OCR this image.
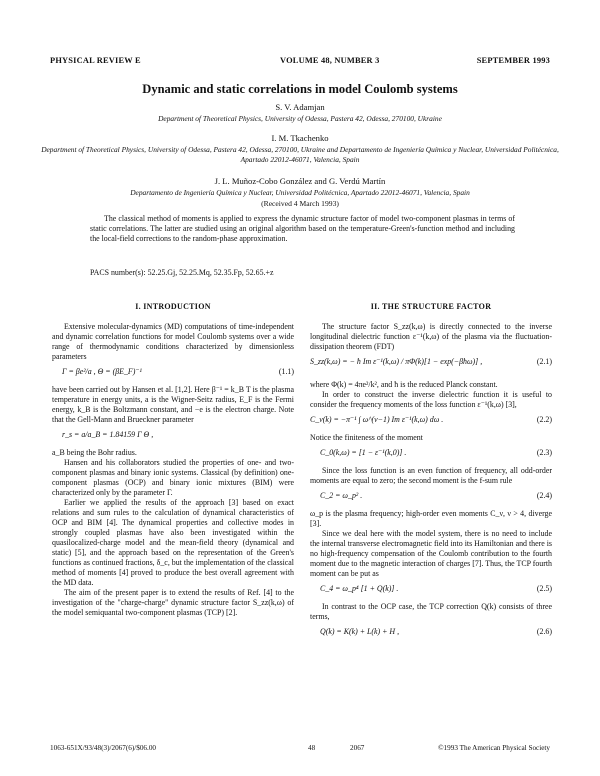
PHYSICAL REVIEW E	VOLUME 48, NUMBER 3	SEPTEMBER 1993
Dynamic and static correlations in model Coulomb systems
S. V. Adamjan
Department of Theoretical Physics, University of Odessa, Pastera 42, Odessa, 270100, Ukraine
I. M. Tkachenko
Department of Theoretical Physics, University of Odessa, Pastera 42, Odessa, 270100, Ukraine and Departamento de Ingeniería Química y Nuclear, Universidad Politécnica, Apartado 22012-46071, Valencia, Spain
J. L. Muñoz-Cobo González and G. Verdú Martín
Departamento de Ingeniería Química y Nuclear, Universidad Politécnica, Apartado 22012-46071, Valencia, Spain
(Received 4 March 1993)
The classical method of moments is applied to express the dynamic structure factor of model two-component plasmas in terms of static correlations. The latter are studied using an original algorithm based on the temperature-Green's-function method and including the local-field corrections to the random-phase approximation.
PACS number(s): 52.25.Gj, 52.25.Mq, 52.35.Fp, 52.65.+z
I. INTRODUCTION

Extensive molecular-dynamics (MD) computations of time-independent and dynamic correlation functions for model Coulomb systems over a wide range of thermodynamic conditions characterized by dimensionless parameters

Γ = βe²/a , Θ = (βE_F)⁻¹	(1.1)

have been carried out by Hansen et al. [1,2]. Here β⁻¹ = k_B T is the plasma temperature in energy units, a is the Wigner-Seitz radius, E_F is the Fermi energy, k_B is the Boltzmann constant, and −e is the electron charge. Note that the Gell-Mann and Brueckner parameter

r_s = a/a_B = 1.84159 Γ Θ ,

a_B being the Bohr radius.

Hansen and his collaborators studied the properties of one- and two-component plasmas and binary ionic systems. Classical (by definition) one-component plasmas (OCP) and binary ionic mixtures (BIM) were characterized only by the parameter Γ.

Earlier we applied the results of the approach [3] based on exact relations and sum rules to the calculation of dynamical characteristics of OCP and BIM [4]. The dynamical properties and collective modes in strongly coupled plasmas have also been investigated within the quasilocalized-charge model and the mean-field theory (dynamical and static) [5], and the approach based on the representation of the Green's functions as continued fractions, δ_c, but the implementation of the classical method of moments [4] proved to produce the best overall agreement with the MD data.

The aim of the present paper is to extend the results of Ref. [4] to the investigation of the "charge-charge" dynamic structure factor S_zz(k,ω) of the model semiquantal two-component plasmas (TCP) [2].

II. THE STRUCTURE FACTOR

The structure factor S_zz(k,ω) is directly connected to the inverse longitudinal dielectric function ε⁻¹(k,ω) of the plasma via the fluctuation-dissipation theorem (FDT)

S_zz(k,ω) = − ħ Im ε⁻¹(k,ω) / πΦ(k)[1 − exp(−βħω)] ,	(2.1)

where Φ(k) = 4πe²/k², and ħ is the reduced Planck constant.

In order to construct the inverse dielectric function it is useful to consider the frequency moments of the loss function ε⁻¹(k,ω) [3],

C_ν(k) = −π⁻¹ ∫ ω^(ν−1) Im ε⁻¹(k,ω) dω .	(2.2)

Notice the finiteness of the moment

C_0(k,ω) = [1 − ε⁻¹(k,0)] .	(2.3)

Since the loss function is an even function of frequency, all odd-order moments are equal to zero; the second moment is the f-sum rule

C_2 = ω_p² .	(2.4)

ω_p is the plasma frequency; high-order even moments C_ν, ν > 4, diverge [3].

Since we deal here with the model system, there is no need to include the internal transverse electromagnetic field into its Hamiltonian and there is no high-frequency compensation of the Coulomb contribution to the fourth moment due to the magnetic interaction of charges [7]. Thus, the TCP fourth moment can be put as

C_4 = ω_p⁴ [1 + Q(k)] .	(2.5)

In contrast to the OCP case, the TCP correction Q(k) consists of three terms,

Q(k) = K(k) + L(k) + H ,	(2.6)
1063-651X/93/48(3)/2067(6)/$06.00	48	2067	©1993 The American Physical Society
